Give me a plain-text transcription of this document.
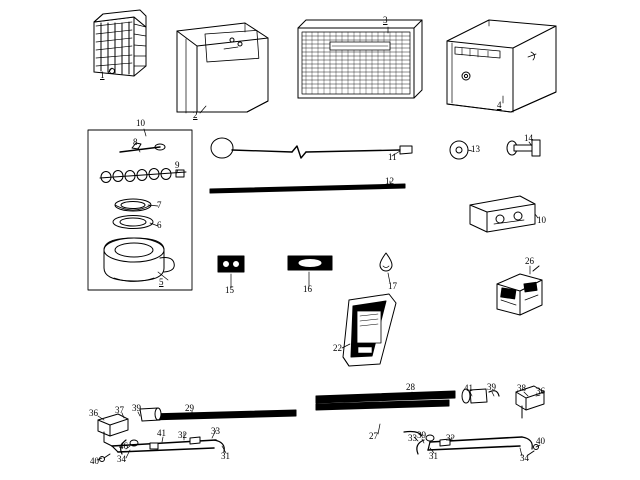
1
2
3
4
5
6
7
8
9
10
10
11
12
13
14
15	16	17
22
26
27
28
29
31	31
32	32
33
33
34	34
36
36
37
38
39
39
39
40
40
41
41
46
